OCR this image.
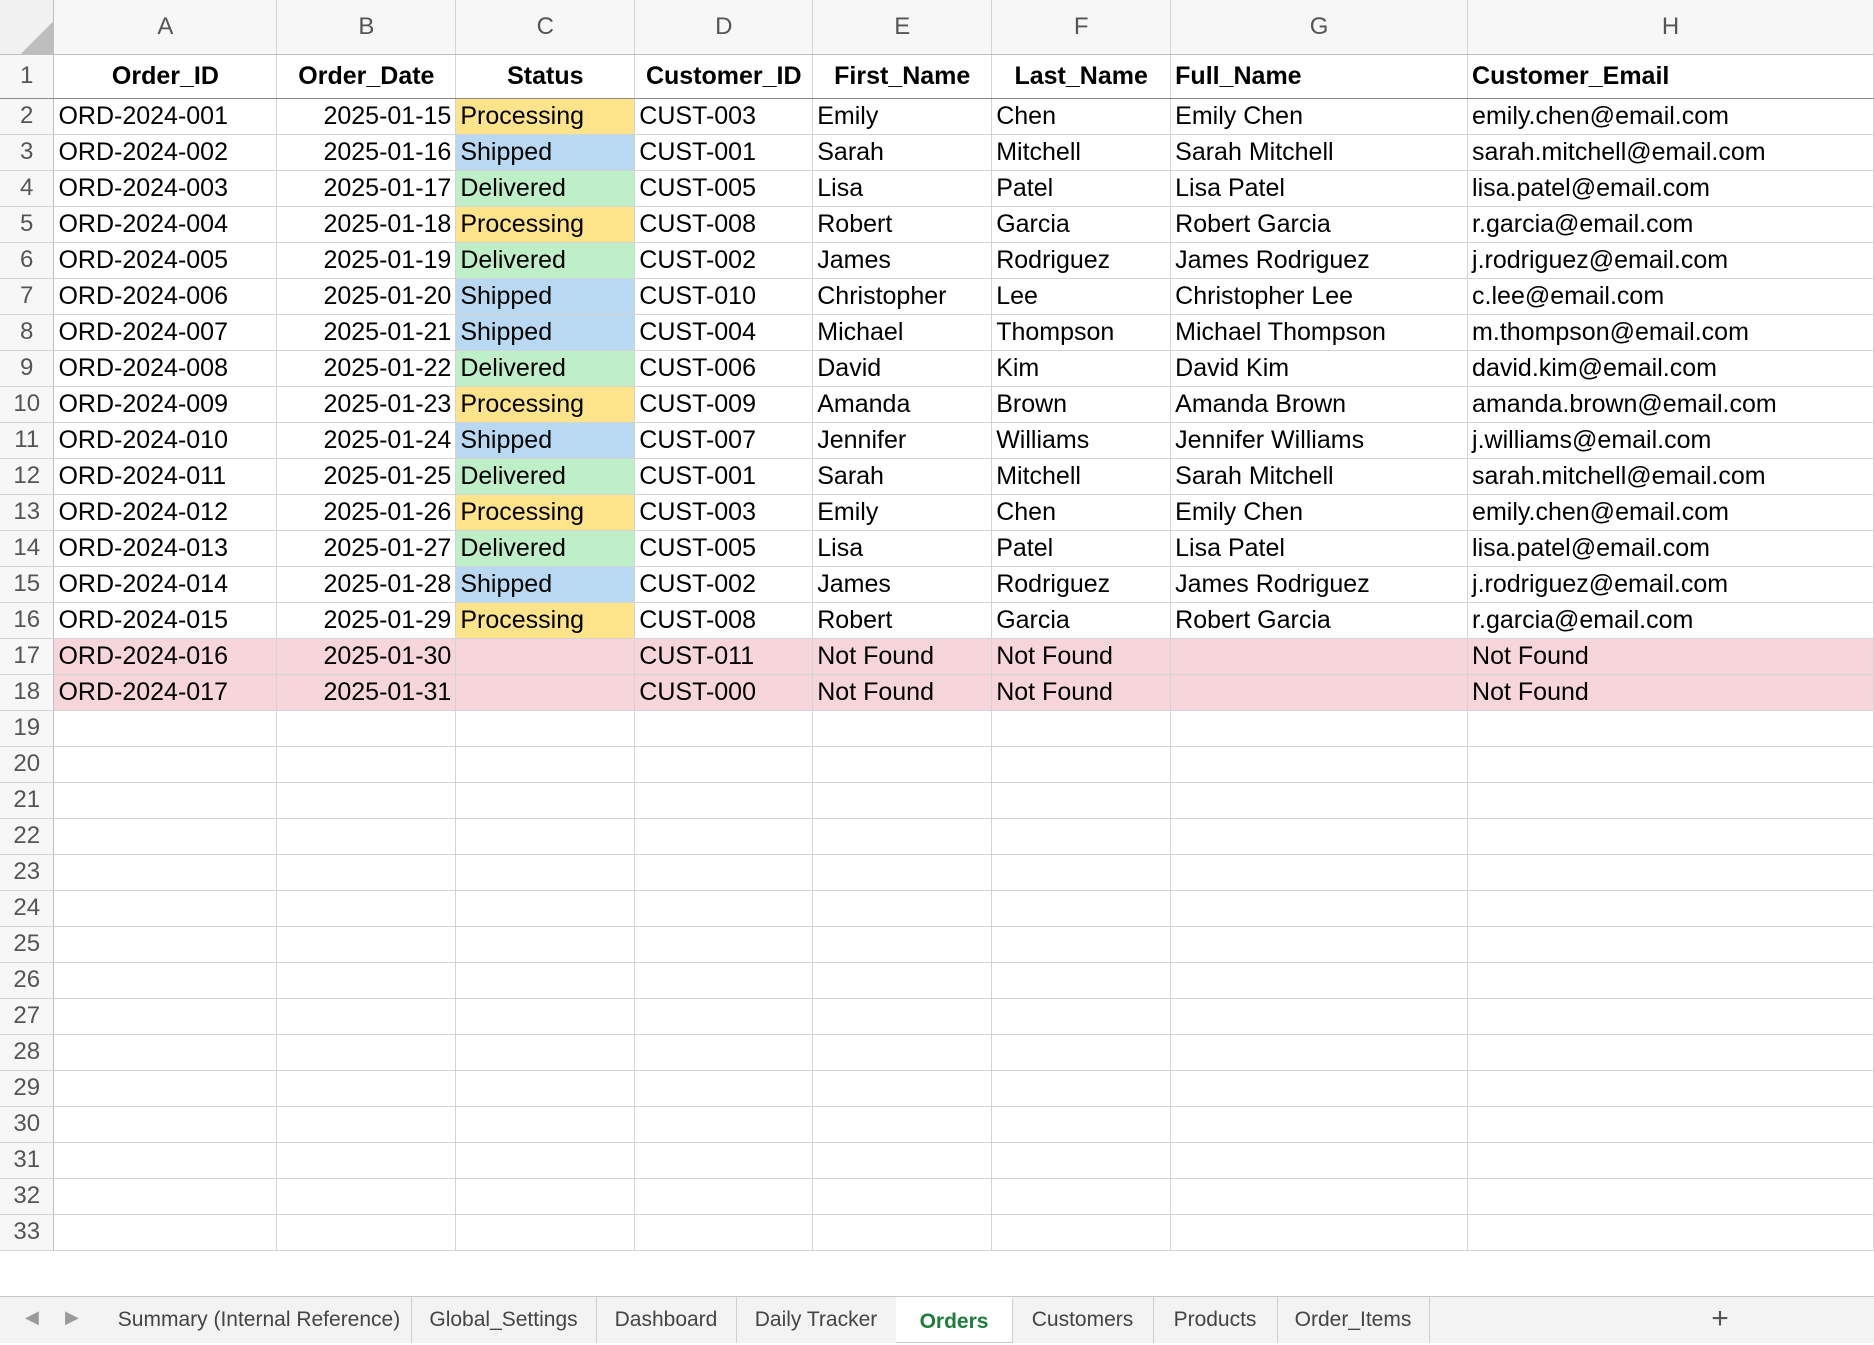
	A	B	C	D	E	F	G	H
1	Order_ID	Order_Date	Status	Customer_ID	First_Name	Last_Name	Full_Name	Customer_Email
2	ORD-2024-001	2025-01-15	Processing	CUST-003	Emily	Chen	Emily Chen	emily.chen@email.com
3	ORD-2024-002	2025-01-16	Shipped	CUST-001	Sarah	Mitchell	Sarah Mitchell	sarah.mitchell@email.com
4	ORD-2024-003	2025-01-17	Delivered	CUST-005	Lisa	Patel	Lisa Patel	lisa.patel@email.com
5	ORD-2024-004	2025-01-18	Processing	CUST-008	Robert	Garcia	Robert Garcia	r.garcia@email.com
6	ORD-2024-005	2025-01-19	Delivered	CUST-002	James	Rodriguez	James Rodriguez	j.rodriguez@email.com
7	ORD-2024-006	2025-01-20	Shipped	CUST-010	Christopher	Lee	Christopher Lee	c.lee@email.com
8	ORD-2024-007	2025-01-21	Shipped	CUST-004	Michael	Thompson	Michael Thompson	m.thompson@email.com
9	ORD-2024-008	2025-01-22	Delivered	CUST-006	David	Kim	David Kim	david.kim@email.com
10	ORD-2024-009	2025-01-23	Processing	CUST-009	Amanda	Brown	Amanda Brown	amanda.brown@email.com
11	ORD-2024-010	2025-01-24	Shipped	CUST-007	Jennifer	Williams	Jennifer Williams	j.williams@email.com
12	ORD-2024-011	2025-01-25	Delivered	CUST-001	Sarah	Mitchell	Sarah Mitchell	sarah.mitchell@email.com
13	ORD-2024-012	2025-01-26	Processing	CUST-003	Emily	Chen	Emily Chen	emily.chen@email.com
14	ORD-2024-013	2025-01-27	Delivered	CUST-005	Lisa	Patel	Lisa Patel	lisa.patel@email.com
15	ORD-2024-014	2025-01-28	Shipped	CUST-002	James	Rodriguez	James Rodriguez	j.rodriguez@email.com
16	ORD-2024-015	2025-01-29	Processing	CUST-008	Robert	Garcia	Robert Garcia	r.garcia@email.com
17	ORD-2024-016	2025-01-30		CUST-011	Not Found	Not Found		Not Found
18	ORD-2024-017	2025-01-31		CUST-000	Not Found	Not Found		Not Found
19								
20								
21								
22								
23								
24								
25								
26								
27								
28								
29								
30								
31								
32								
33								
◀ ▶	Summary (Internal Reference)	Global_Settings	Dashboard	Daily Tracker	Orders	Customers	Products	Order_Items	+
